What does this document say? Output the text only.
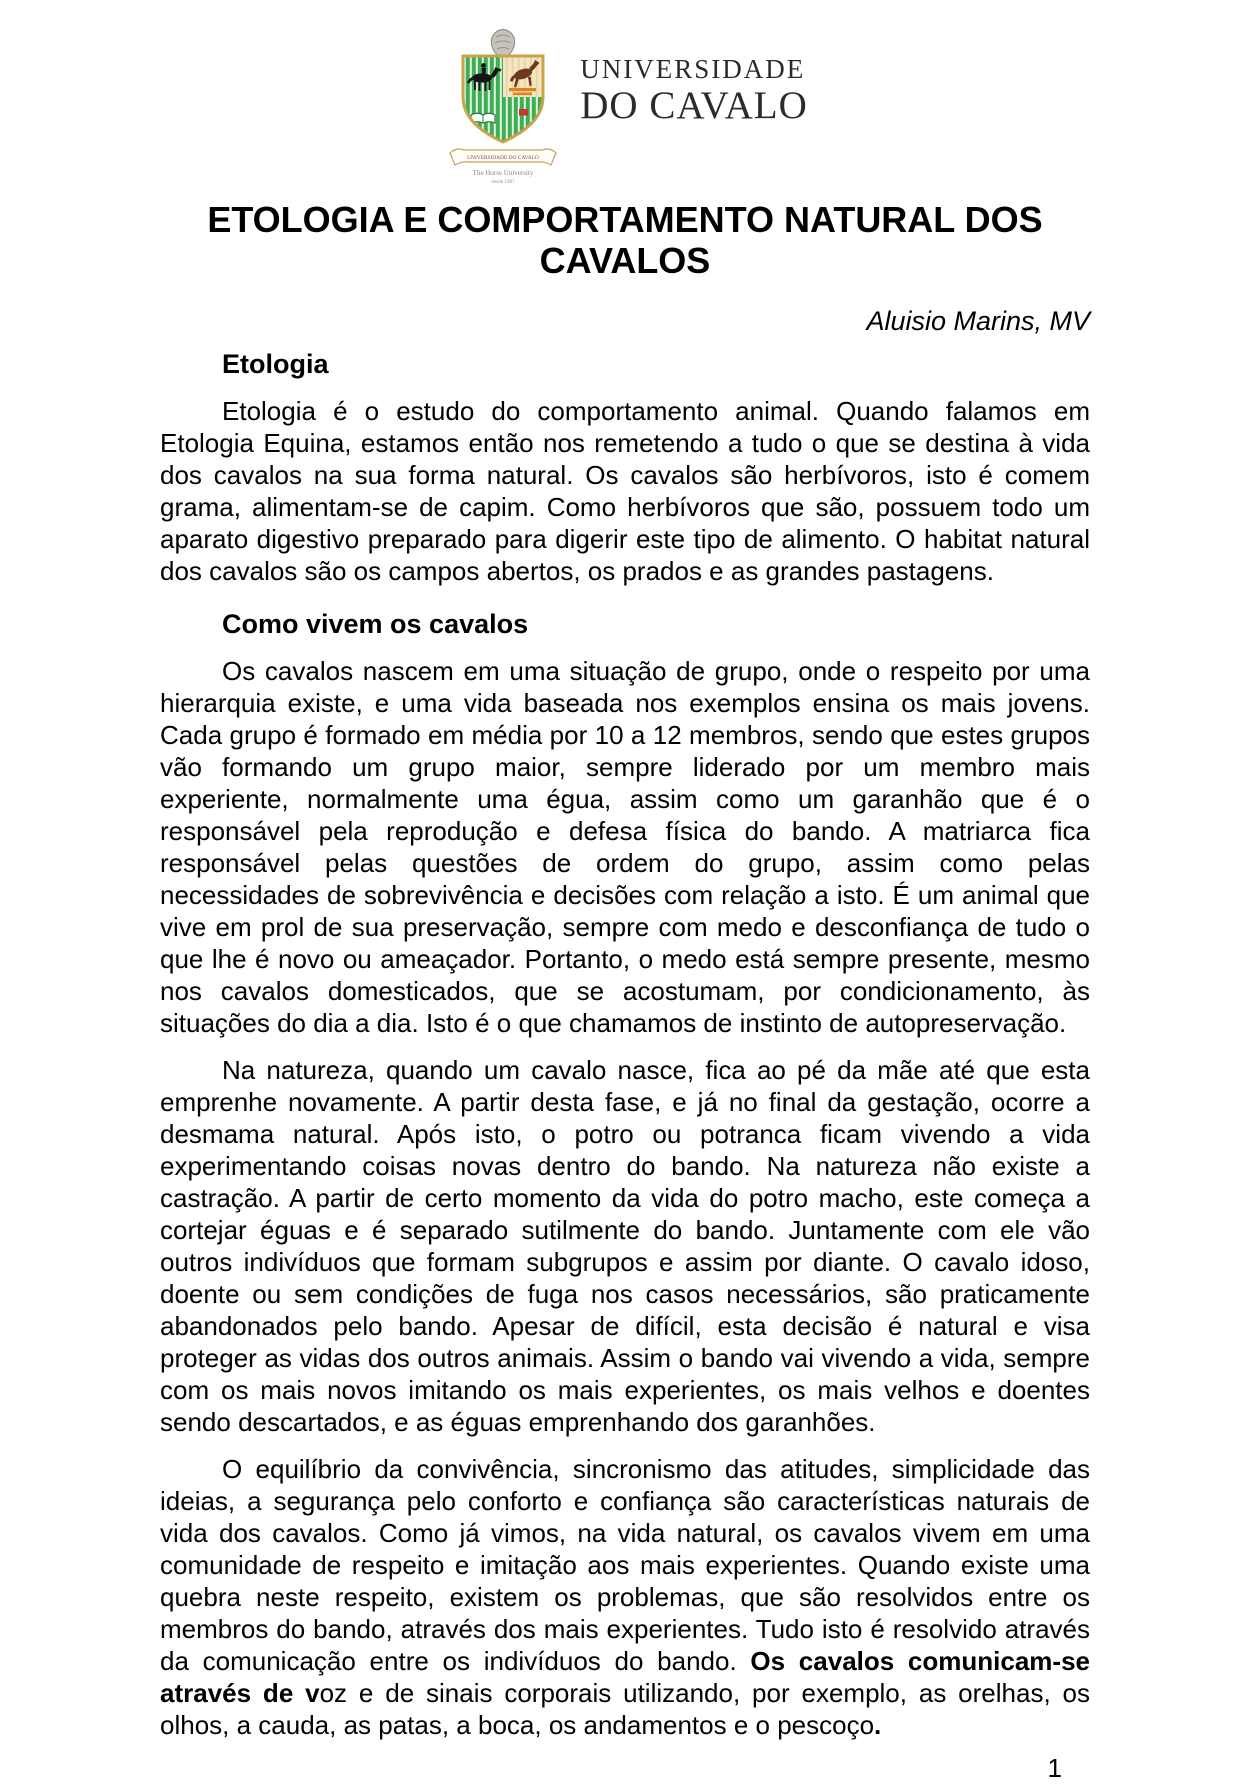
UNIVERSIDADE DO CAVALO
The Horse University
desde 1987
UNIVERSIDADE
DO CAVALO
ETOLOGIA E COMPORTAMENTO NATURAL DOS CAVALOS
Aluisio Marins, MV
Etologia

Etologia é o estudo do comportamento animal. Quando falamos em Etologia Equina, estamos então nos remetendo a tudo o que se destina à vida dos cavalos na sua forma natural. Os cavalos são herbívoros, isto é comem grama, alimentam-se de capim. Como herbívoros que são, possuem todo um aparato digestivo preparado para digerir este tipo de alimento. O habitat natural dos cavalos são os campos abertos, os prados e as grandes pastagens.

Como vivem os cavalos

Os cavalos nascem em uma situação de grupo, onde o respeito por uma hierarquia existe, e uma vida baseada nos exemplos ensina os mais jovens. Cada grupo é formado em média por 10 a 12 membros, sendo que estes grupos vão formando um grupo maior, sempre liderado por um membro mais experiente, normalmente uma égua, assim como um garanhão que é o responsável pela reprodução e defesa física do bando. A matriarca fica responsável pelas questões de ordem do grupo, assim como pelas necessidades de sobrevivência e decisões com relação a isto. É um animal que vive em prol de sua preservação, sempre com medo e desconfiança de tudo o que lhe é novo ou ameaçador. Portanto, o medo está sempre presente, mesmo nos cavalos domesticados, que se acostumam, por condicionamento, às situações do dia a dia. Isto é o que chamamos de instinto de autopreservação.

Na natureza, quando um cavalo nasce, fica ao pé da mãe até que esta emprenhe novamente. A partir desta fase, e já no final da gestação, ocorre a desmama natural. Após isto, o potro ou potranca ficam vivendo a vida experimentando coisas novas dentro do bando. Na natureza não existe a castração. A partir de certo momento da vida do potro macho, este começa a cortejar éguas e é separado sutilmente do bando. Juntamente com ele vão outros indivíduos que formam subgrupos e assim por diante. O cavalo idoso, doente ou sem condições de fuga nos casos necessários, são praticamente abandonados pelo bando. Apesar de difícil, esta decisão é natural e visa proteger as vidas dos outros animais. Assim o bando vai vivendo a vida, sempre com os mais novos imitando os mais experientes, os mais velhos e doentes sendo descartados, e as éguas emprenhando dos garanhões.

O equilíbrio da convivência, sincronismo das atitudes, simplicidade das ideias, a segurança pelo conforto e confiança são características naturais de vida dos cavalos. Como já vimos, na vida natural, os cavalos vivem em uma comunidade de respeito e imitação aos mais experientes. Quando existe uma quebra neste respeito, existem os problemas, que são resolvidos entre os membros do bando, através dos mais experientes. Tudo isto é resolvido através da comunicação entre os indivíduos do bando. Os cavalos comunicam-se através de voz e de sinais corporais utilizando, por exemplo, as orelhas, os olhos, a cauda, as patas, a boca, os andamentos e o pescoço.

1
